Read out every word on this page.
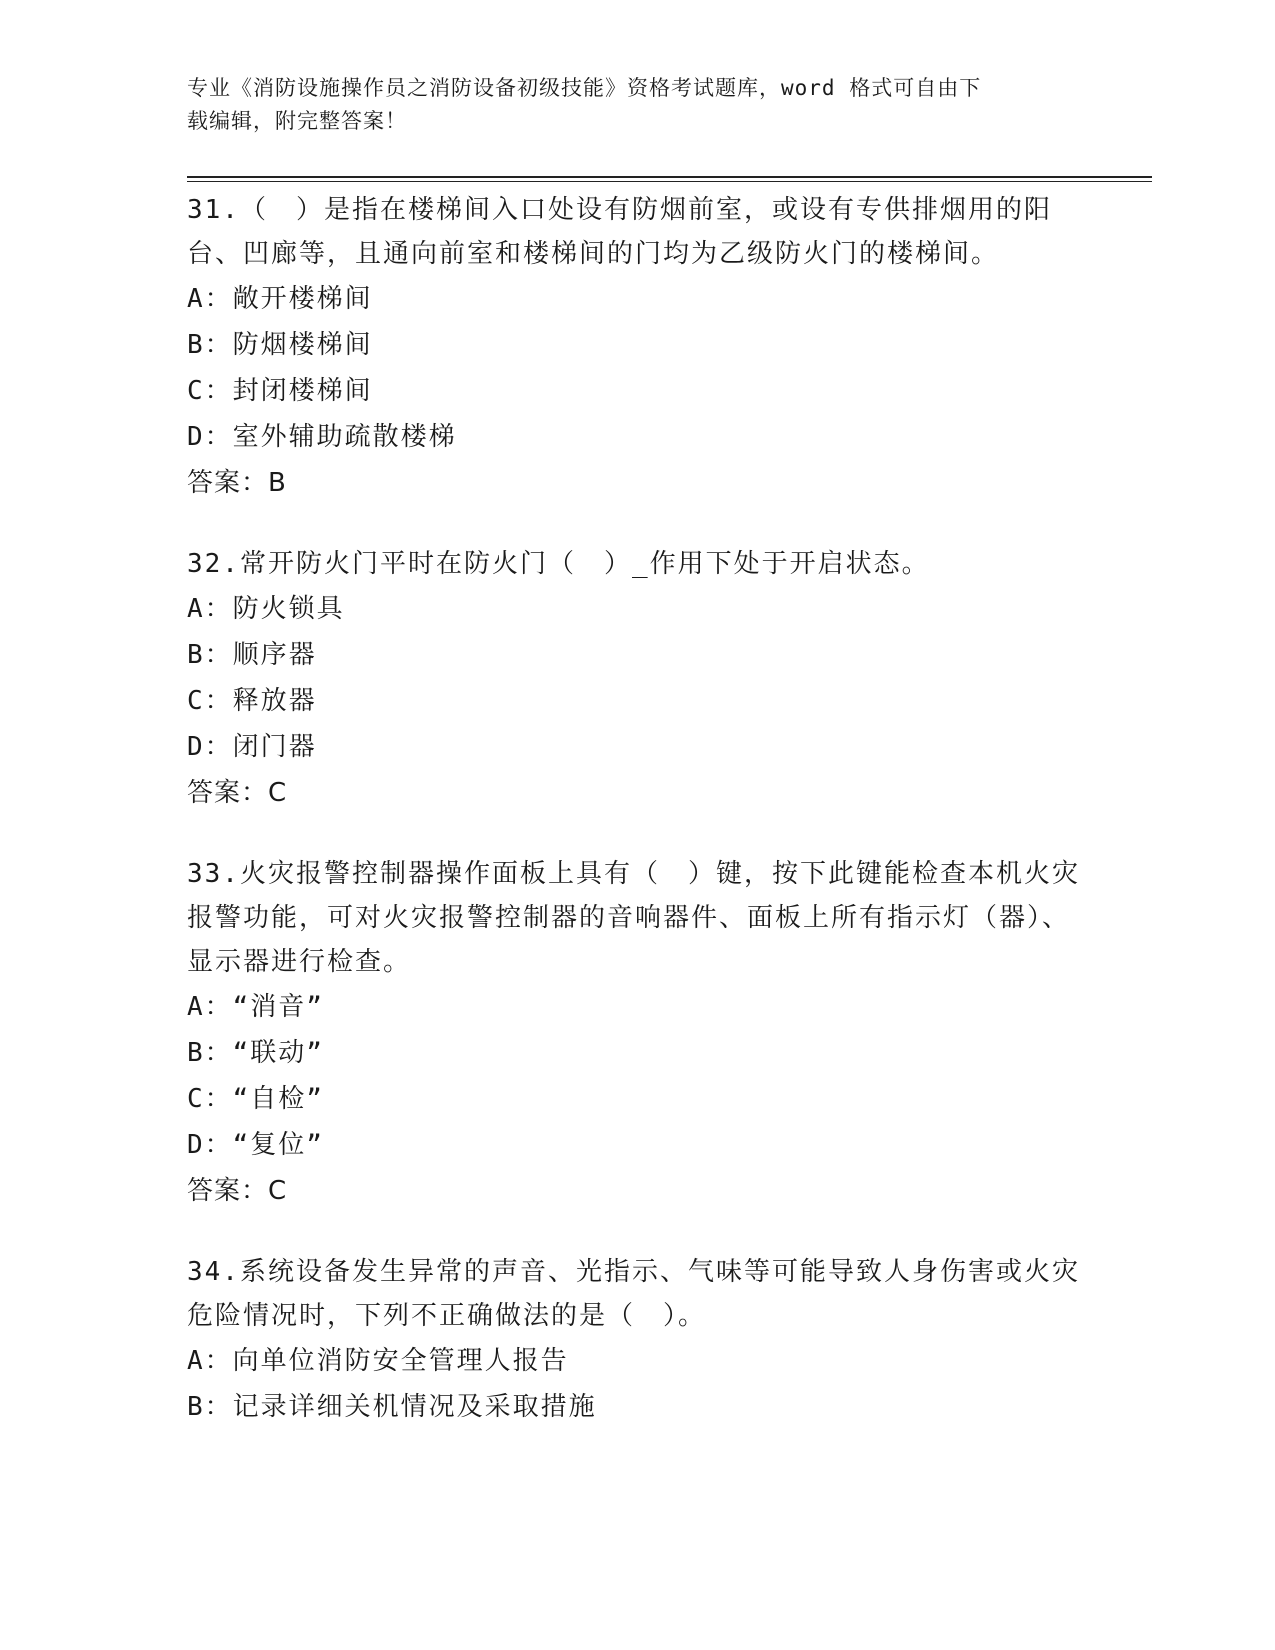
专业《消防设施操作员之消防设备初级技能》资格考试题库，word 格式可自由下
载编辑，附完整答案！

31.（　）是指在楼梯间入口处设有防烟前室，或设有专供排烟用的阳台、凹廊等，且通向前室和楼梯间的门均为乙级防火门的楼梯间。

A：敞开楼梯间

B：防烟楼梯间

C：封闭楼梯间

D：室外辅助疏散楼梯

答案：B

32.常开防火门平时在防火门（　）_作用下处于开启状态。

A：防火锁具

B：顺序器

C：释放器

D：闭门器

答案：C

33.火灾报警控制器操作面板上具有（　）键，按下此键能检查本机火灾报警功能，可对火灾报警控制器的音响器件、面板上所有指示灯（器）、显示器进行检查。

A：“消音”

B：“联动”

C：“自检”

D：“复位”

答案：C

34.系统设备发生异常的声音、光指示、气味等可能导致人身伤害或火灾危险情况时，下列不正确做法的是（　）。

A：向单位消防安全管理人报告

B：记录详细关机情况及采取措施
